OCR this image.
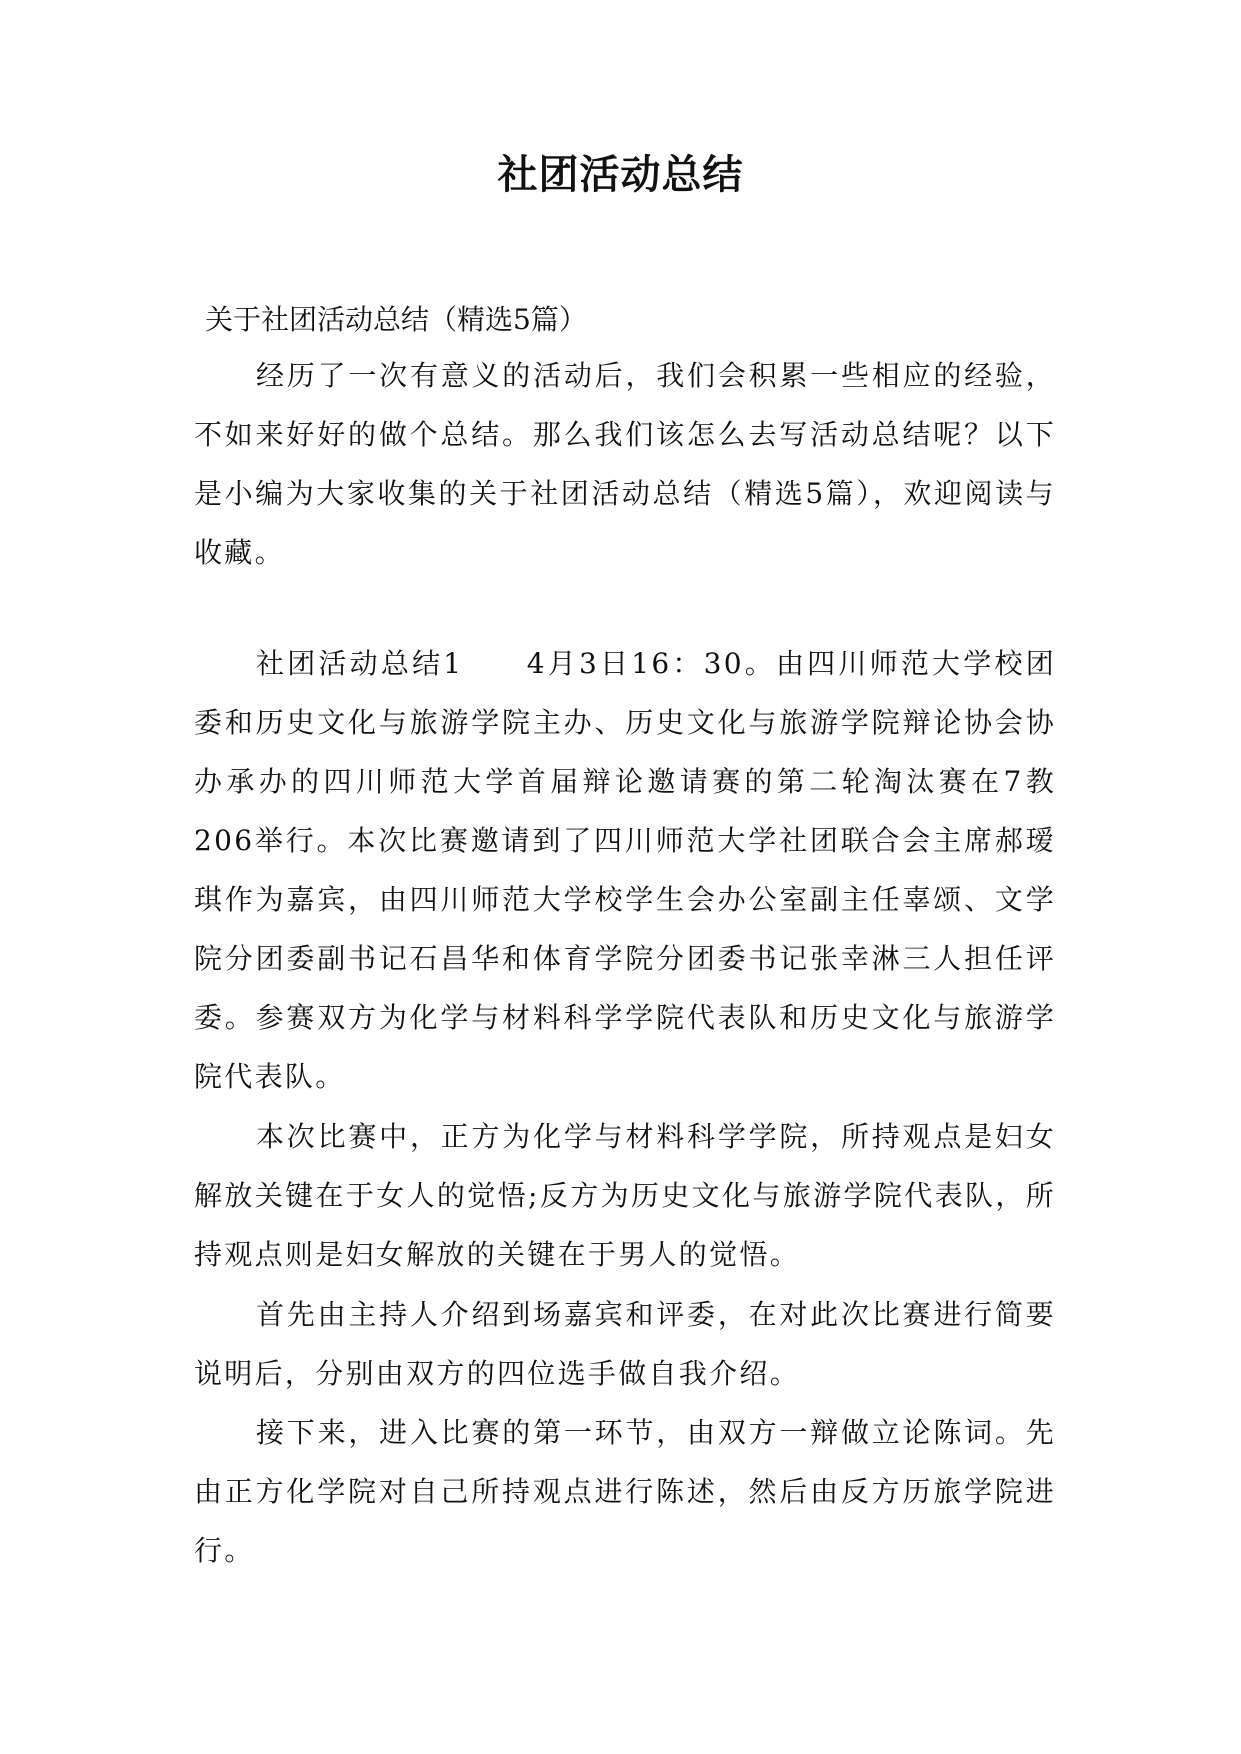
社团活动总结

关于社团活动总结（精选5篇）

经历了一次有意义的活动后，我们会积累一些相应的经验，不如来好好的做个总结。那么我们该怎么去写活动总结呢？以下是小编为大家收集的关于社团活动总结（精选5篇），欢迎阅读与收藏。

社团活动总结1　　4月3日16：30。由四川师范大学校团委和历史文化与旅游学院主办、历史文化与旅游学院辩论协会协办承办的四川师范大学首届辩论邀请赛的第二轮淘汰赛在7教206举行。本次比赛邀请到了四川师范大学社团联合会主席郝瑷琪作为嘉宾，由四川师范大学校学生会办公室副主任辜颂、文学院分团委副书记石昌华和体育学院分团委书记张幸淋三人担任评委。参赛双方为化学与材料科学学院代表队和历史文化与旅游学院代表队。

本次比赛中，正方为化学与材料科学学院，所持观点是妇女解放关键在于女人的觉悟;反方为历史文化与旅游学院代表队，所持观点则是妇女解放的关键在于男人的觉悟。

首先由主持人介绍到场嘉宾和评委，在对此次比赛进行简要说明后，分别由双方的四位选手做自我介绍。

接下来，进入比赛的第一环节，由双方一辩做立论陈词。先由正方化学院对自己所持观点进行陈述，然后由反方历旅学院进行。
